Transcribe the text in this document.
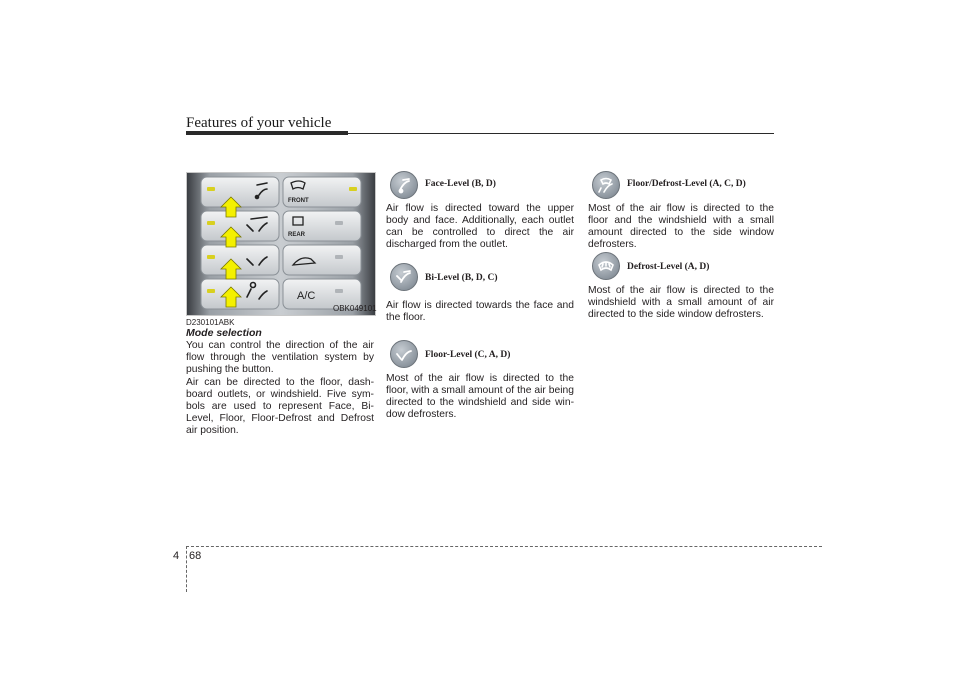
Features of your vehicle
FRONT
REAR
A/C
OBK049101
D230101ABK
Mode selection
You can control the direction of the air flow through the ventilation system by pushing the button.
Air can be directed to the floor, dash-board outlets, or windshield. Five sym-bols are used to represent Face, Bi-Level, Floor, Floor-Defrost and Defrost air position.
Face-Level (B, D)
Air flow is directed toward the upper body and face. Additionally, each outlet can be controlled to direct the air discharged from the outlet.
Bi-Level (B, D, C)
Air flow is directed towards the face and the floor.
Floor-Level (C, A, D)
Most of the air flow is directed to the floor, with a small amount of the air being directed to the windshield and side win-dow defrosters.
Floor/Defrost-Level (A, C, D)
Most of the air flow is directed to the floor and the windshield with a small amount directed to the side window defrosters.
Defrost-Level (A, D)
Most of the air flow is directed to the windshield with a small amount of air directed to the side window defrosters.
4 68
